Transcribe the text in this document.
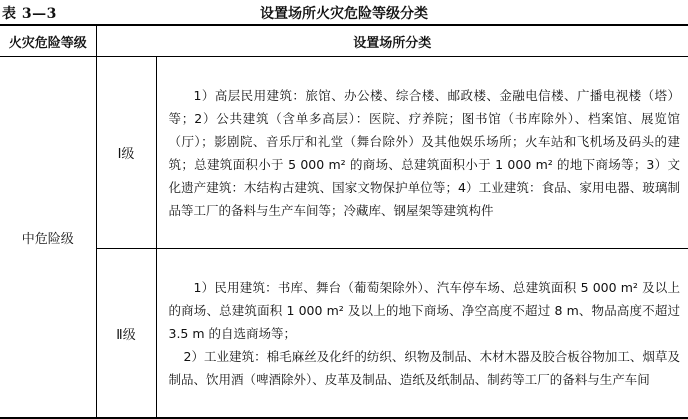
表 3—3	设置场所火灾危险等级分类
火灾危险等级	设置场所分类	
中危险级	Ⅰ级	1）高层民用建筑：旅馆、办公楼、综合楼、邮政楼、金融电信楼、广播电视楼（塔）等；2）公共建筑（含单多高层）：医院、疗养院；图书馆（书库除外）、档案馆、展览馆（厅）；影剧院、音乐厅和礼堂（舞台除外）及其他娱乐场所；火车站和飞机场及码头的建筑；总建筑面积小于 5 000 m² 的商场、总建筑面积小于 1 000 m² 的地下商场等；3）文化遗产建筑：木结构古建筑、国家文物保护单位等；4）工业建筑：食品、家用电器、玻璃制品等工厂的备料与生产车间等；冷藏库、钢屋架等建筑构件

	Ⅱ级	1）民用建筑：书库、舞台（葡萄架除外）、汽车停车场、总建筑面积 5 000 m² 及以上的商场、总建筑面积 1 000 m² 及以上的地下商场、净空高度不超过 8 m、物品高度不超过 3.5 m 的自选商场等；

2）工业建筑：棉毛麻丝及化纤的纺织、织物及制品、木材木器及胶合板谷物加工、烟草及制品、饮用酒（啤酒除外）、皮革及制品、造纸及纸制品、制药等工厂的备料与生产车间
